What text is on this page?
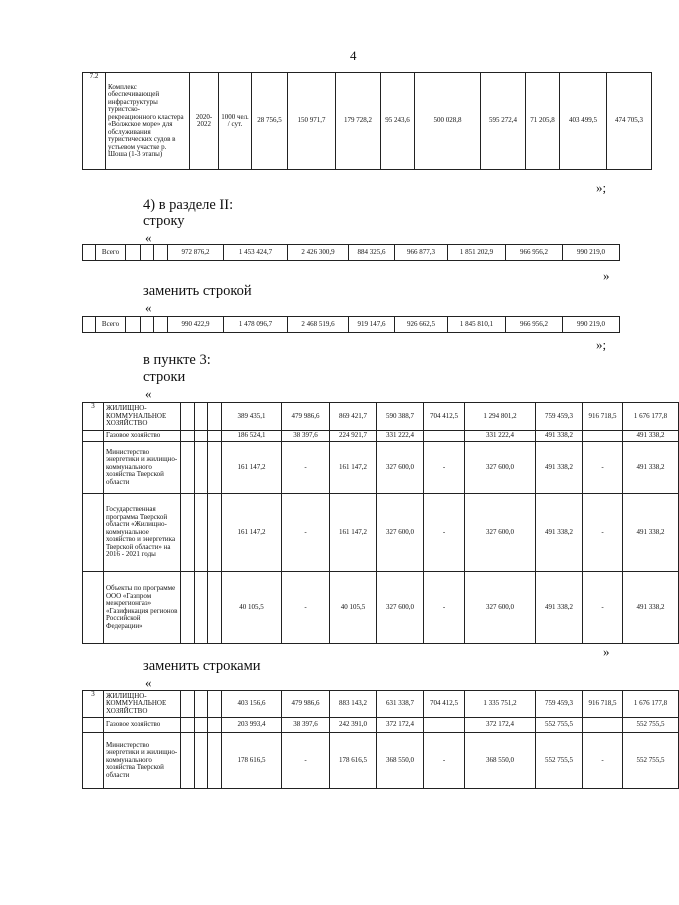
4
7.2	Комплекс обеспечивающей инфраструктуры туристско-рекреационного кластера «Волжское море» для обслуживания туристических судов в устьевом участке р. Шоша (1-3 этапы)	2020-2022	1000 чел. / сут.	28 756,5	150 971,7	179 728,2	95 243,6	500 028,8	595 272,4	71 205,8	403 499,5	474 705,3
»;
4) в разделе II:
строку
«
	Всего				972 876,2	1 453 424,7	2 426 300,9	884 325,6	966 877,3	1 851 202,9	966 956,2	990 219,0	
»
заменить строкой
«
	Всего				990 422,9	1 478 096,7	2 468 519,6	919 147,6	926 662,5	1 845 810,1	966 956,2	990 219,0	
»;
в пункте 3:
строки
«
3	ЖИЛИЩНО-КОММУНАЛЬНОЕ ХОЗЯЙСТВО				389 435,1	479 986,6	869 421,7	590 388,7	704 412,5	1 294 801,2	759 459,3	916 718,5	1 676 177,8
	Газовое хозяйство				186 524,1	38 397,6	224 921,7	331 222,4		331 222,4	491 338,2		491 338,2
	Министерство энергетики и жилищно-коммунального хозяйства Тверской области				161 147,2	-	161 147,2	327 600,0	-	327 600,0	491 338,2	-	491 338,2
	Государственная программа Тверской области «Жилищно-коммунальное хозяйство и энергетика Тверской области» на 2016 - 2021 годы				161 147,2	-	161 147,2	327 600,0	-	327 600,0	491 338,2	-	491 338,2
	Объекты по программе ООО «Газпром межрегионгаз» «Газификация регионов Российской Федерации»				40 105,5	-	40 105,5	327 600,0	-	327 600,0	491 338,2	-	491 338,2
»
заменить строками
«
3	ЖИЛИЩНО-КОММУНАЛЬНОЕ ХОЗЯЙСТВО				403 156,6	479 986,6	883 143,2	631 338,7	704 412,5	1 335 751,2	759 459,3	916 718,5	1 676 177,8
	Газовое хозяйство				203 993,4	38 397,6	242 391,0	372 172,4		372 172,4	552 755,5		552 755,5
	Министерство энергетики и жилищно-коммунального хозяйства Тверской области				178 616,5	-	178 616,5	368 550,0	-	368 550,0	552 755,5	-	552 755,5
